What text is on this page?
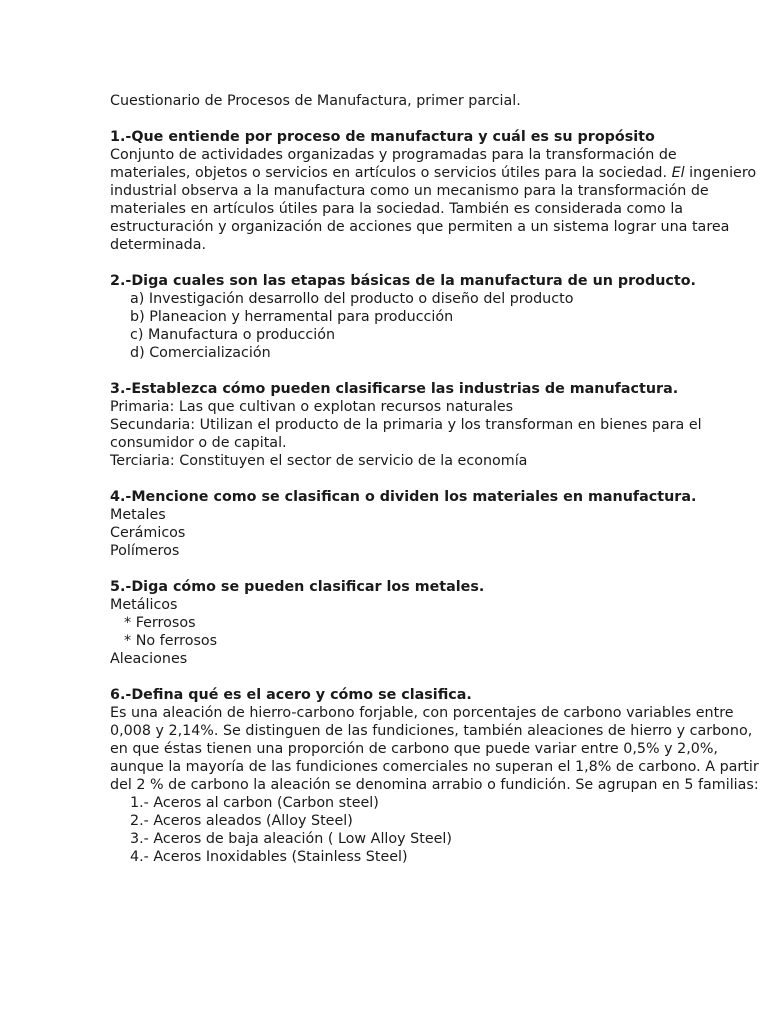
Cuestionario de Procesos de Manufactura, primer parcial.

1.-Que entiende por proceso de manufactura y cuál es su propósito

Conjunto de actividades organizadas y programadas para la transformación de materiales, objetos o servicios en artículos o servicios útiles para la sociedad. El ingeniero industrial observa a la manufactura como un mecanismo para la transformación de materiales en artículos útiles para la sociedad. También es considerada como la estructuración y organización de acciones que permiten a un sistema lograr una tarea determinada.

2.-Diga cuales son las etapas básicas de la manufactura de un producto.

a) Investigación desarrollo del producto o diseño del producto
b) Planeacion y herramental para producción
c) Manufactura o producción
d) Comercialización

3.-Establezca cómo pueden clasificarse las industrias de manufactura.

Primaria: Las que cultivan o explotan recursos naturales

Secundaria: Utilizan el producto de la primaria y los transforman en bienes para el consumidor o de capital.

Terciaria: Constituyen el sector de servicio de la economía

4.-Mencione como se clasifican o dividen los materiales en manufactura.

Metales

Cerámicos

Polímeros

5.-Diga cómo se pueden clasificar los metales.

Metálicos

* Ferrosos
* No ferrosos

Aleaciones

6.-Defina qué es el acero y cómo se clasifica.

Es una aleación de hierro-carbono forjable, con porcentajes de carbono variables entre 0,008 y 2,14%. Se distinguen de las fundiciones, también aleaciones de hierro y carbono, en que éstas tienen una proporción de carbono que puede variar entre 0,5% y 2,0%, aunque la mayoría de las fundiciones comerciales no superan el 1,8% de carbono. A partir del 2 % de carbono la aleación se denomina arrabio o fundición. Se agrupan en 5 familias:

1.- Aceros al carbon (Carbon steel)
2.- Aceros aleados (Alloy Steel)
3.- Aceros de baja aleación ( Low Alloy Steel)
4.- Aceros Inoxidables (Stainless Steel)
